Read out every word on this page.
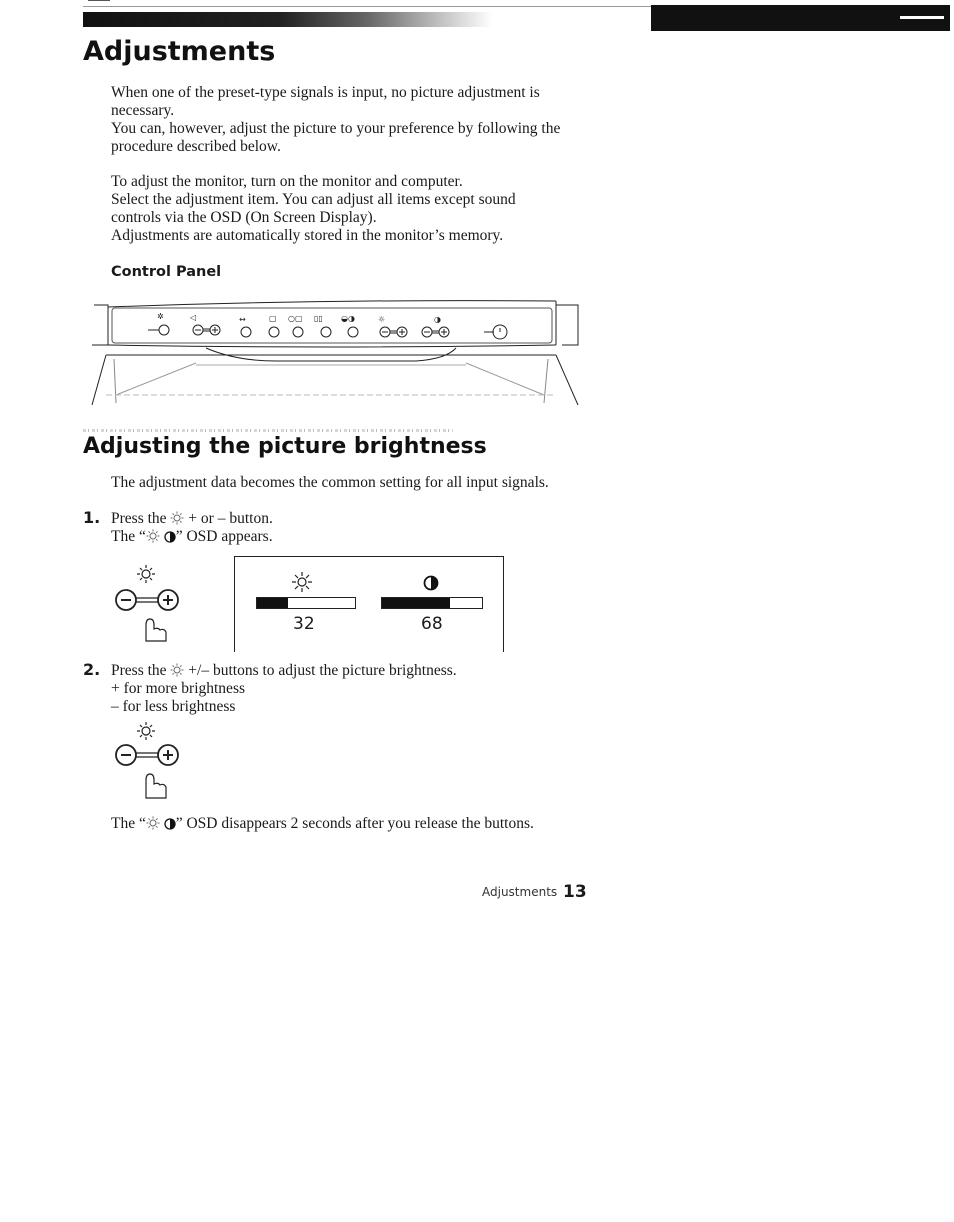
Adjustments

When one of the preset-type signals is input, no picture adjustment is

necessary.

You can, however, adjust the picture to your preference by following the

procedure described below.

To adjust the monitor, turn on the monitor and computer.

Select the adjustment item. You can adjust all items except sound

controls via the OSD (On Screen Display).

Adjustments are automatically stored in the monitor’s memory.

Control Panel
✲	◁	↔	▢ ○▢ ▯▯ ◒◑	☼	◑
Adjusting the picture brightness

The adjustment data becomes the common setting for all input signals.

1. Press the + or – button.
The “ ” OSD appears.
32	68
2. Press the +/– buttons to adjust the picture brightness.
+ for more brightness
– for less brightness
The “ ” OSD disappears 2 seconds after you release the buttons.
Adjustments 13
